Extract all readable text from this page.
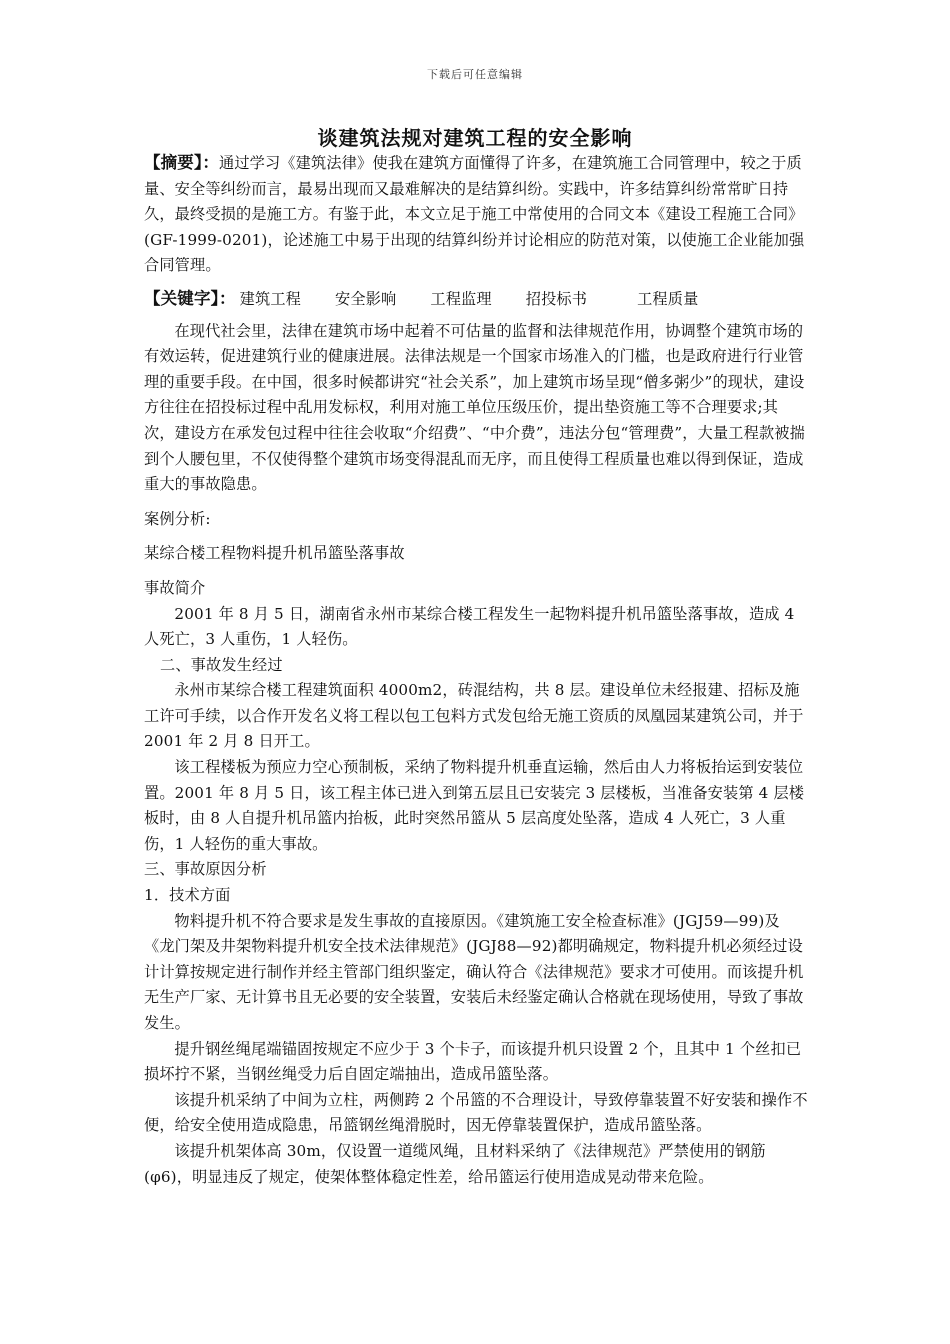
下载后可任意编辑
谈建筑法规对建筑工程的安全影响

【摘要】：通过学习《建筑法律》使我在建筑方面懂得了许多，在建筑施工合同管理中，较之于质量、安全等纠纷而言，最易出现而又最难解决的是结算纠纷。实践中，许多结算纠纷常常旷日持久，最终受损的是施工方。有鉴于此，本文立足于施工中常使用的合同文本《建设工程施工合同》(GF-1999-0201)，论述施工中易于出现的结算纠纷并讨论相应的防范对策，以使施工企业能加强合同管理。

【关键字】： 建筑工程 安全影响 工程监理 招投标书	工程质量

在现代社会里，法律在建筑市场中起着不可估量的监督和法律规范作用，协调整个建筑市场的有效运转，促进建筑行业的健康进展。法律法规是一个国家市场准入的门槛，也是政府进行行业管理的重要手段。在中国，很多时候都讲究“社会关系”，加上建筑市场呈现“僧多粥少”的现状，建设方往往在招投标过程中乱用发标权，利用对施工单位压级压价，提出垫资施工等不合理要求;其次，建设方在承发包过程中往往会收取“介绍费”、“中介费”，违法分包“管理费”，大量工程款被揣到个人腰包里，不仅使得整个建筑市场变得混乱而无序，而且使得工程质量也难以得到保证，造成重大的事故隐患。

案例分析:

某综合楼工程物料提升机吊篮坠落事故

事故简介

2001 年 8 月 5 日，湖南省永州市某综合楼工程发生一起物料提升机吊篮坠落事故，造成 4 人死亡，3 人重伤，1 人轻伤。

二、事故发生经过

永州市某综合楼工程建筑面积 4000m2，砖混结构，共 8 层。建设单位未经报建、招标及施工许可手续，以合作开发名义将工程以包工包料方式发包给无施工资质的凤凰园某建筑公司，并于 2001 年 2 月 8 日开工。

该工程楼板为预应力空心预制板，采纳了物料提升机垂直运输，然后由人力将板抬运到安装位置。2001 年 8 月 5 日，该工程主体已进入到第五层且已安装完 3 层楼板，当准备安装第 4 层楼板时，由 8 人自提升机吊篮内抬板，此时突然吊篮从 5 层高度处坠落，造成 4 人死亡，3 人重伤，1 人轻伤的重大事故。

三、事故原因分析

1．技术方面

物料提升机不符合要求是发生事故的直接原因。《建筑施工安全检查标准》(JGJ59—99)及《龙门架及井架物料提升机安全技术法律规范》(JGJ88—92)都明确规定，物料提升机必须经过设计计算按规定进行制作并经主管部门组织鉴定，确认符合《法律规范》要求才可使用。而该提升机无生产厂家、无计算书且无必要的安全装置，安装后未经鉴定确认合格就在现场使用，导致了事故发生。

提升钢丝绳尾端锚固按规定不应少于 3 个卡子，而该提升机只设置 2 个，且其中 1 个丝扣已损坏拧不紧，当钢丝绳受力后自固定端抽出，造成吊篮坠落。

该提升机采纳了中间为立柱，两侧跨 2 个吊篮的不合理设计，导致停靠装置不好安装和操作不便，给安全使用造成隐患，吊篮钢丝绳滑脱时，因无停靠装置保护，造成吊篮坠落。

该提升机架体高 30m，仅设置一道缆风绳，且材料采纳了《法律规范》严禁使用的钢筋(φ6)，明显违反了规定，使架体整体稳定性差，给吊篮运行使用造成晃动带来危险。
